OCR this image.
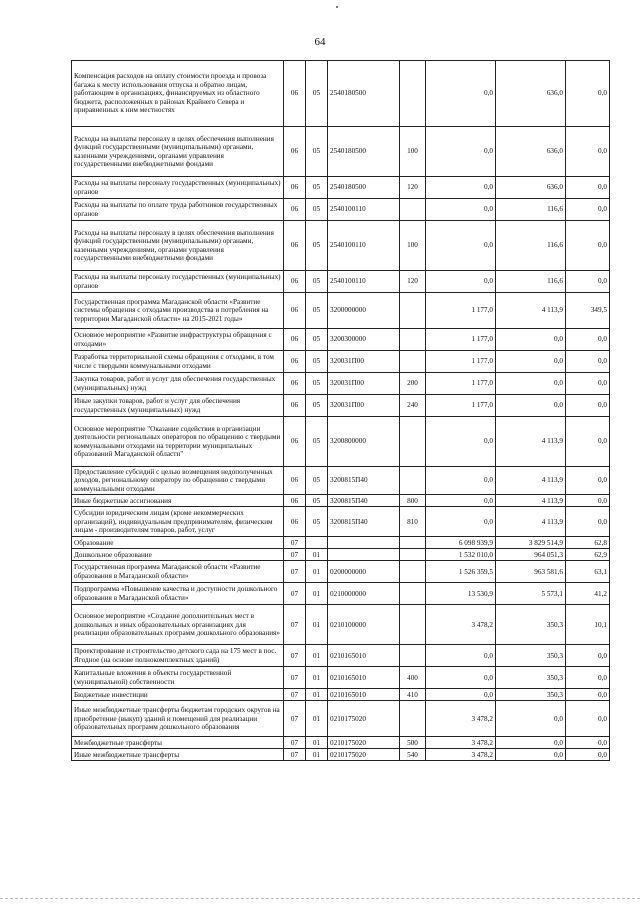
64
Компенсация расходов на оплату стоимости проезда и провоза багажа к месту использования отпуска и обратно лицам, работающим в организациях, финансируемых из областного бюджета, расположенных в районах Крайнего Севера и приравненных к ним местностях	06	05	2540180500		0,0	636,0	0,0
Расходы на выплаты персоналу в целях обеспечения выполнения функций государственными (муниципальными) органами, казенными учреждениями, органами управления государственными внебюджетными фондами	06	05	2540180500	100	0,0	636,0	0,0
Расходы на выплаты персоналу государственных (муниципальных) органов	06	05	2540180500	120	0,0	636,0	0,0
Расходы на выплаты по оплате труда работников государственных органов	06	05	2540100110		0,0	116,6	0,0
Расходы на выплаты персоналу в целях обеспечения выполнения функций государственными (муниципальными) органами, казенными учреждениями, органами управления государственными внебюджетными фондами	06	05	2540100110	100	0,0	116,6	0,0
Расходы на выплаты персоналу государственных (муниципальных) органов	06	05	2540100110	120	0,0	116,6	0,0
Государственная программа Магаданской области «Развитие системы обращения с отходами производства и потребления на территории Магаданской области» на 2015-2021 годы»	06	05	3200000000		1 177,0	4 113,9	349,5
Основное мероприятие «Развитие инфраструктуры обращения с отходами»	06	05	3200300000		1 177,0	0,0	0,0
Разработка территориальной схемы обращения с отходами, в том числе с твердыми коммунальными отходами	06	05	320031П00		1 177,0	0,0	0,0
Закупка товаров, работ и услуг для обеспечения государственных (муниципальных) нужд	06	05	320031П00	200	1 177,0	0,0	0,0
Иные закупки товаров, работ и услуг для обеспечения государственных (муниципальных) нужд	06	05	320031П00	240	1 177,0	0,0	0,0
Основное мероприятие "Оказание содействия в организации деятельности региональных операторов по обращению с твердыми коммунальными отходами на территории муниципальных образований Магаданской области"	06	05	3200800000		0,0	4 113,9	0,0
Предоставление субсидий с целью возмещения недополученных доходов, региональному оператору по обращению с твердыми коммунальными отходами	06	05	3200815П40		0,0	4 113,9	0,0
Иные бюджетные ассигнования	06	05	3200815П40	800	0,0	4 113,9	0,0
Субсидии юридическим лицам (кроме некоммерческих организаций), индивидуальным предпринимателям, физическим лицам - производителям товаров, работ, услуг	06	05	3200815П40	810	0,0	4 113,9	0,0
Образование	07				6 098 939,9	3 829 514,9	62,8
Дошкольное образование	07	01			1 532 010,0	964 051,3	62,9
Государственная программа Магаданской области «Развитие образования в Магаданской области»	07	01	0200000000		1 526 359,5	963 581,6	63,1
Подпрограмма «Повышение качества и доступности дошкольного образования в Магаданской области»	07	01	0210000000		13 530,9	5 573,1	41,2
Основное мероприятие «Создание дополнительных мест в дошкольных и иных образовательных организациях для реализации образовательных программ дошкольного образования»	07	01	0210100000		3 478,2	350,3	10,1
Проектирование и строительство детского сада на 175 мест в пос. Ягодное (на основе полнокомплектных зданий)	07	01	0210165010		0,0	350,3	0,0
Капитальные вложения в объекты государственной (муниципальной) собственности	07	01	0210165010	400	0,0	350,3	0,0
Бюджетные инвестиции	07	01	0210165010	410	0,0	350,3	0,0
Иные межбюджетные трансферты бюджетам городских округов на приобретение (выкуп) зданий и помещений для реализации образовательных программ дошкольного образования	07	01	0210175020		3 478,2	0,0	0,0
Межбюджетные трансферты	07	01	0210175020	500	3 478,2	0,0	0,0
Иные межбюджетные трансферты	07	01	0210175020	540	3 478,2	0,0	0,0
